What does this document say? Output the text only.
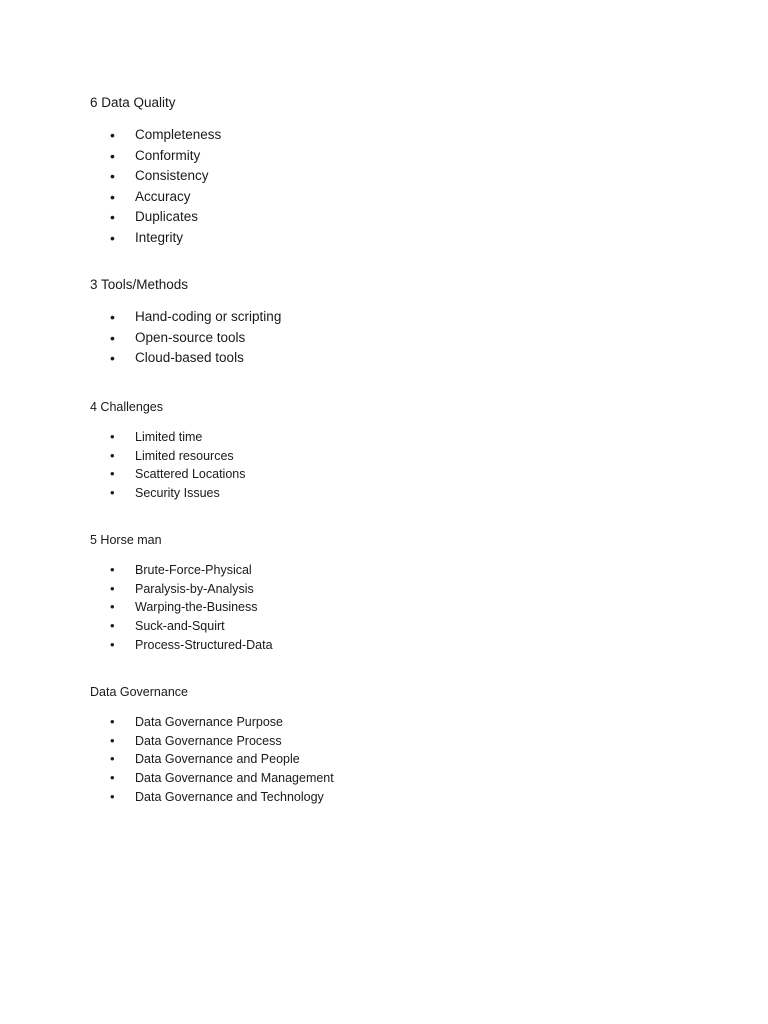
6 Data Quality

• Completeness
• Conformity
• Consistency
• Accuracy
• Duplicates
• Integrity

3 Tools/Methods

• Hand-coding or scripting
• Open-source tools
• Cloud-based tools

4 Challenges

• Limited time
• Limited resources
• Scattered Locations
• Security Issues

5 Horse man

• Brute-Force-Physical
• Paralysis-by-Analysis
• Warping-the-Business
• Suck-and-Squirt
• Process-Structured-Data

Data Governance

• Data Governance Purpose
• Data Governance Process
• Data Governance and People
• Data Governance and Management
• Data Governance and Technology
